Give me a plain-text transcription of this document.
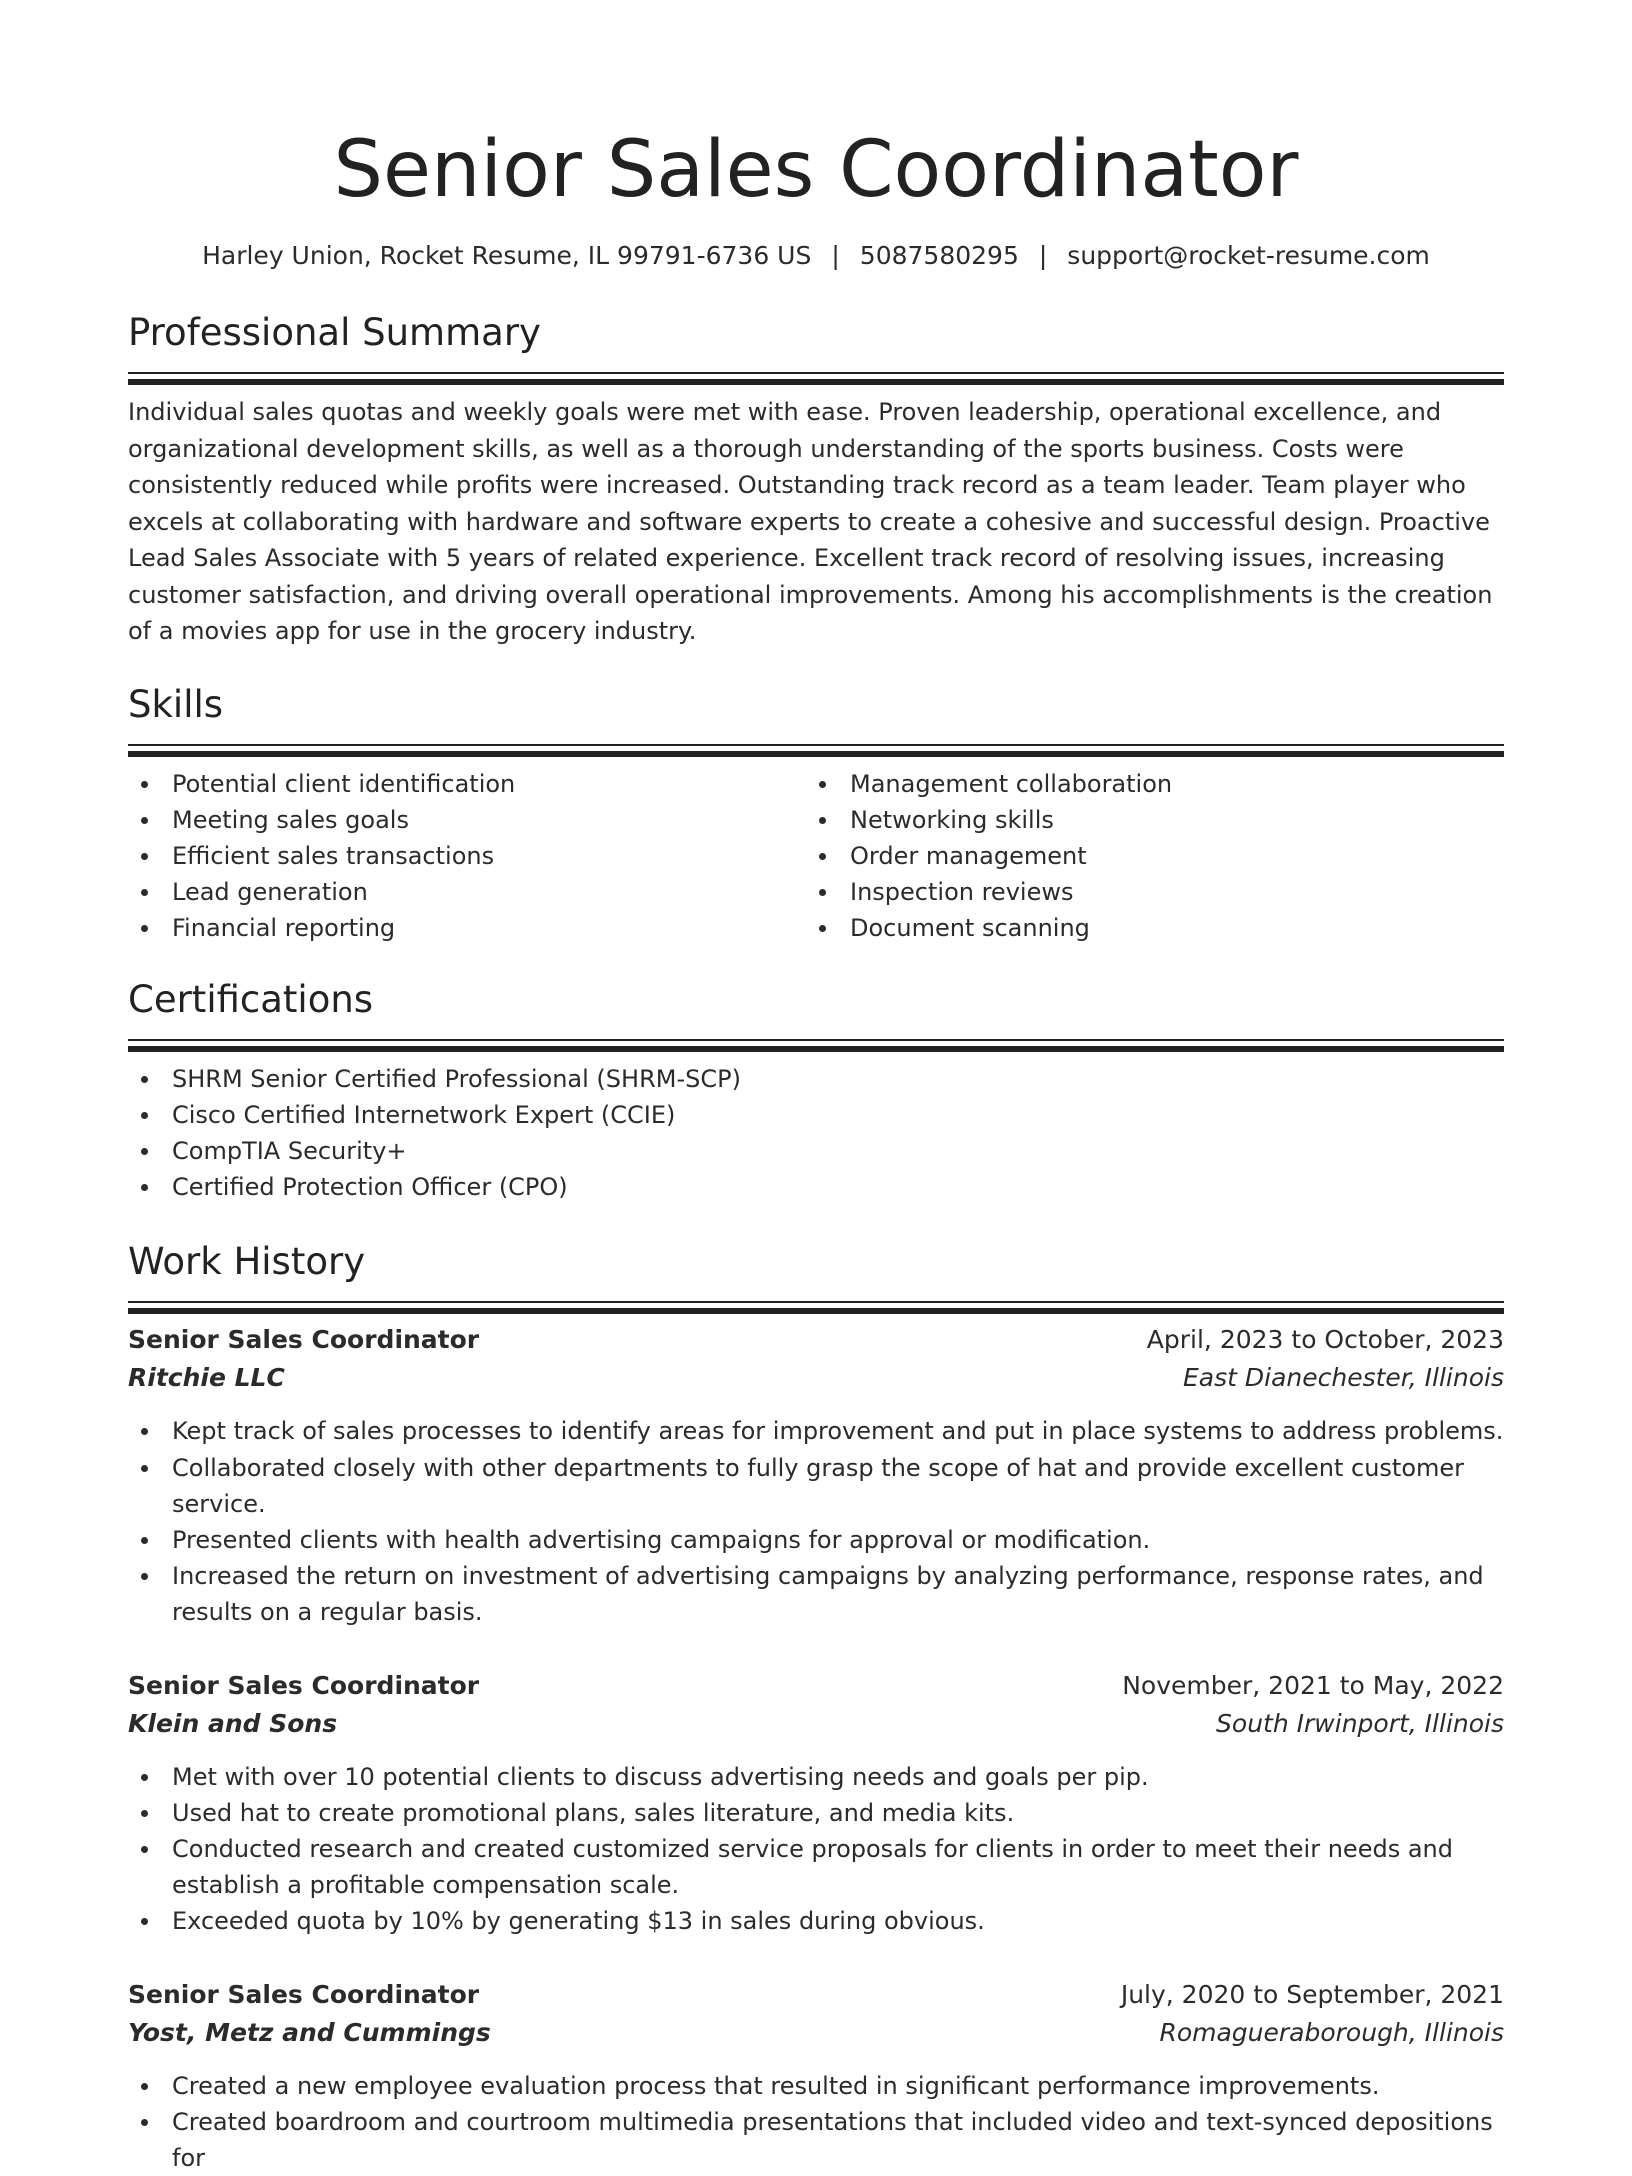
Senior Sales Coordinator
Harley Union, Rocket Resume, IL 99791-6736 US | 5087580295 | support@rocket-resume.com
Professional Summary
Individual sales quotas and weekly goals were met with ease. Proven leadership, operational excellence, and organizational development skills, as well as a thorough understanding of the sports business. Costs were consistently reduced while profits were increased. Outstanding track record as a team leader. Team player who excels at collaborating with hardware and software experts to create a cohesive and successful design. Proactive Lead Sales Associate with 5 years of related experience. Excellent track record of resolving issues, increasing customer satisfaction, and driving overall operational improvements. Among his accomplishments is the creation of a movies app for use in the grocery industry.
Skills
Potential client identification
Meeting sales goals
Efficient sales transactions
Lead generation
Financial reporting
Management collaboration
Networking skills
Order management
Inspection reviews
Document scanning
Certifications
SHRM Senior Certified Professional (SHRM-SCP)
Cisco Certified Internetwork Expert (CCIE)
CompTIA Security+
Certified Protection Officer (CPO)
Work History
Senior Sales Coordinator	April, 2023 to October, 2023
Ritchie LLC	East Dianechester, Illinois
Kept track of sales processes to identify areas for improvement and put in place systems to address problems.
Collaborated closely with other departments to fully grasp the scope of hat and provide excellent customer service.
Presented clients with health advertising campaigns for approval or modification.
Increased the return on investment of advertising campaigns by analyzing performance, response rates, and results on a regular basis.
Senior Sales Coordinator	November, 2021 to May, 2022
Klein and Sons	South Irwinport, Illinois
Met with over 10 potential clients to discuss advertising needs and goals per pip.
Used hat to create promotional plans, sales literature, and media kits.
Conducted research and created customized service proposals for clients in order to meet their needs and establish a profitable compensation scale.
Exceeded quota by 10% by generating $13 in sales during obvious.
Senior Sales Coordinator	July, 2020 to September, 2021
Yost, Metz and Cummings	Romagueraborough, Illinois
Created a new employee evaluation process that resulted in significant performance improvements.
Created boardroom and courtroom multimedia presentations that included video and text-synced depositions for
